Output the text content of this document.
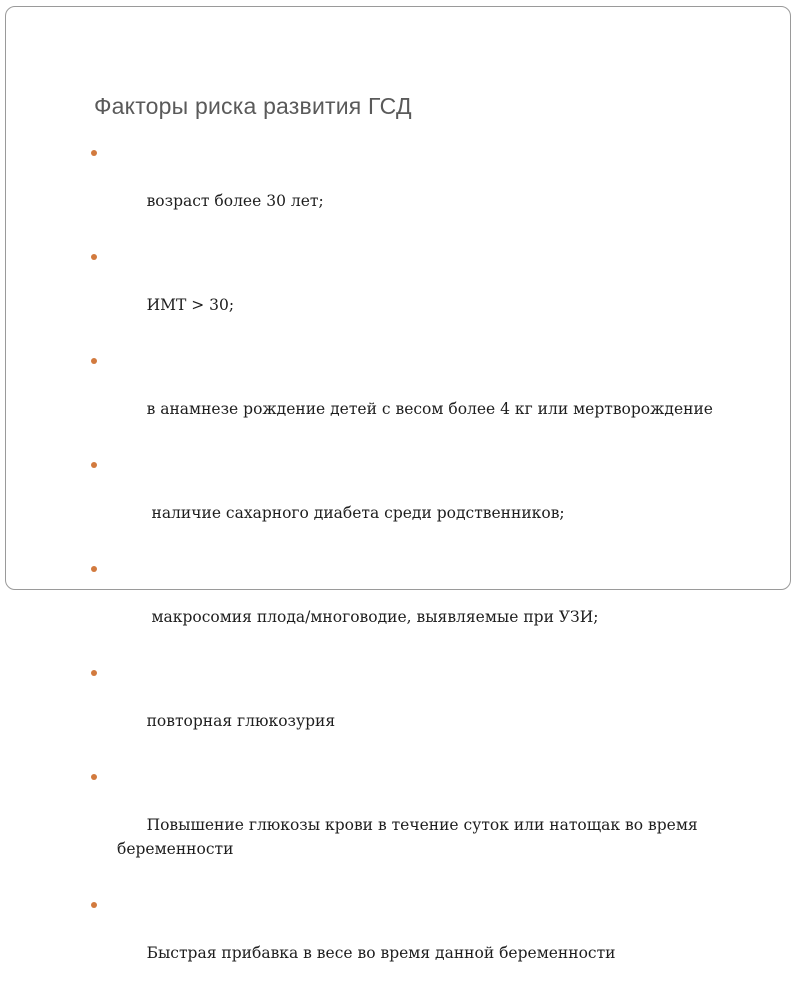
Факторы риска развития ГСД

возраст более 30 лет;

ИМТ > 30;

в анамнезе рождение детей с весом более 4 кг или мертворождение

наличие сахарного диабета среди родственников;

макросомия плода/многоводие, выявляемые при УЗИ;

повторная глюкозурия

Повышение глюкозы крови в течение суток или натощак во время беременности

Быстрая прибавка в весе во время данной беременности
